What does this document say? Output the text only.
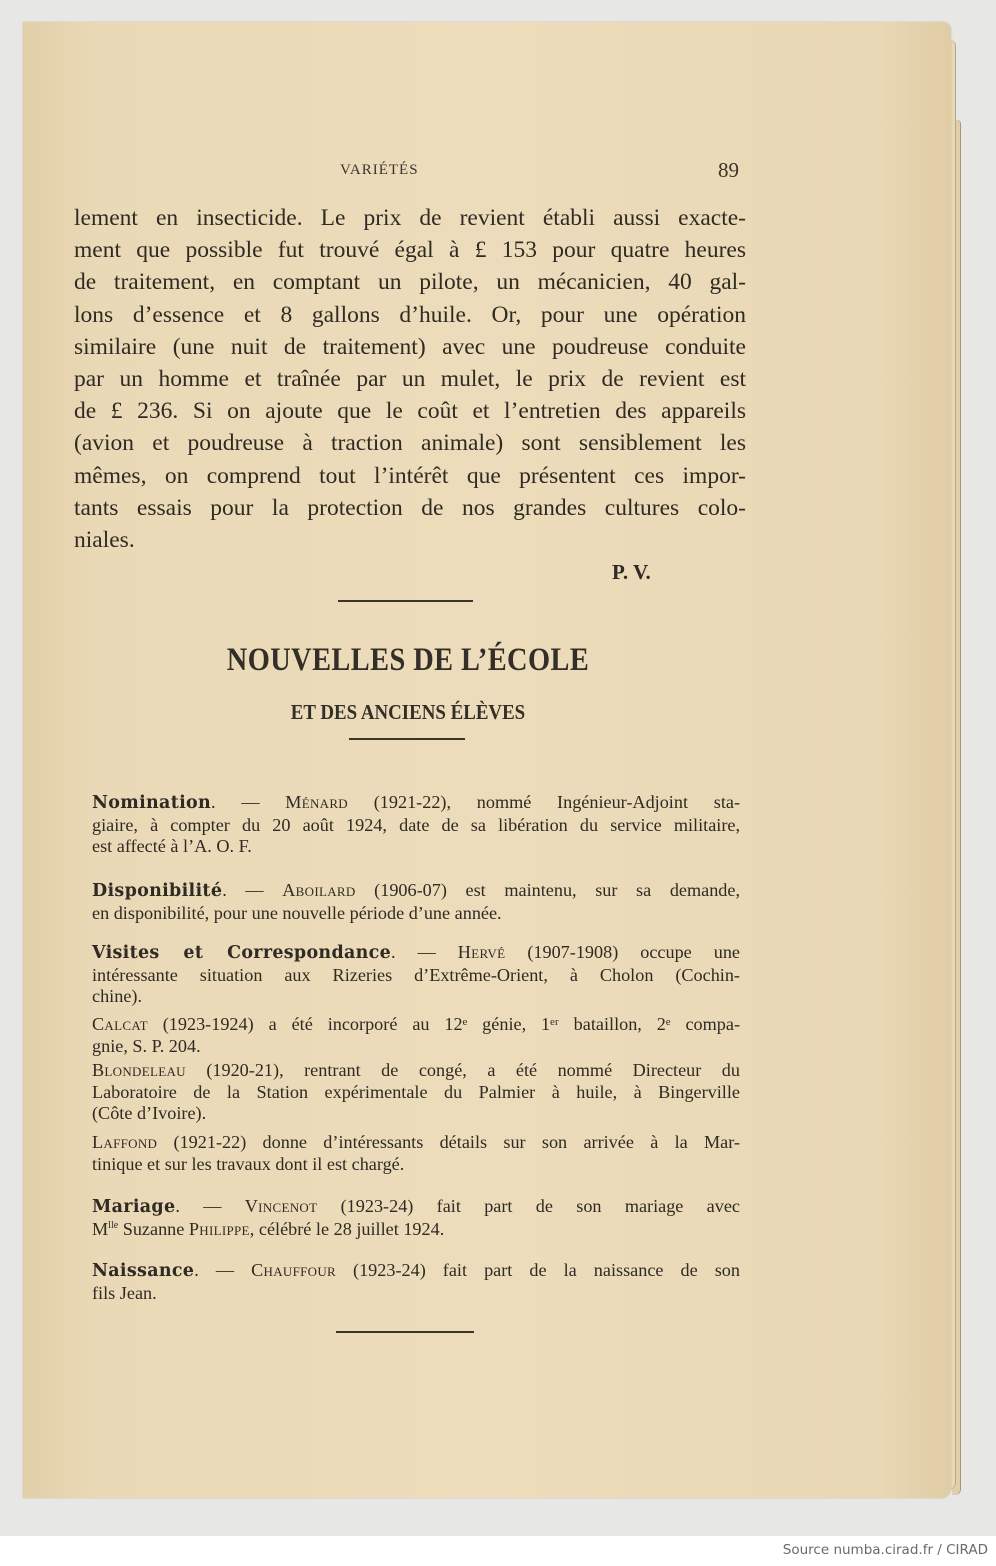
VARIÉTÉS	89
lement en insecticide. Le prix de revient établi aussi exacte-
ment que possible fut trouvé égal à £ 153 pour quatre heures
de traitement, en comptant un pilote, un mécanicien, 40 gal-
lons d’essence et 8 gallons d’huile. Or, pour une opération
similaire (une nuit de traitement) avec une poudreuse conduite
par un homme et traînée par un mulet, le prix de revient est
de £ 236. Si on ajoute que le coût et l’entretien des appareils
(avion et poudreuse à traction animale) sont sensiblement les
mêmes, on comprend tout l’intérêt que présentent ces impor-
tants essais pour la protection de nos grandes cultures colo-
niales.
P. V.
NOUVELLES DE L’ÉCOLE
ET DES ANCIENS ÉLÈVES
Nomination. — Ménard (1921-22), nommé Ingénieur-Adjoint sta-
giaire, à compter du 20 août 1924, date de sa libération du service militaire,
est affecté à l’A. O. F.
Disponibilité. — Aboilard (1906-07) est maintenu, sur sa demande,
en disponibilité, pour une nouvelle période d’une année.
Visites et Correspondance. — Hervé (1907-1908) occupe une
intéressante situation aux Rizeries d’Extrême-Orient, à Cholon (Cochin-
chine).
Calcat (1923-1924) a été incorporé au 12ᵉ génie, 1ᵉʳ bataillon, 2ᵉ compa-
gnie, S. P. 204.
Blondeleau (1920-21), rentrant de congé, a été nommé Directeur du
Laboratoire de la Station expérimentale du Palmier à huile, à Bingerville
(Côte d’Ivoire).
Laffond (1921-22) donne d’intéressants détails sur son arrivée à la Mar-
tinique et sur les travaux dont il est chargé.
Mariage. — Vincenot (1923-24) fait part de son mariage avec
$M^{lle}$ Suzanne Philippe, célébré le 28 juillet 1924.
Naissance. — Chauffour (1923-24) fait part de la naissance de son
fils Jean.
Source numba.cirad.fr / CIRAD
